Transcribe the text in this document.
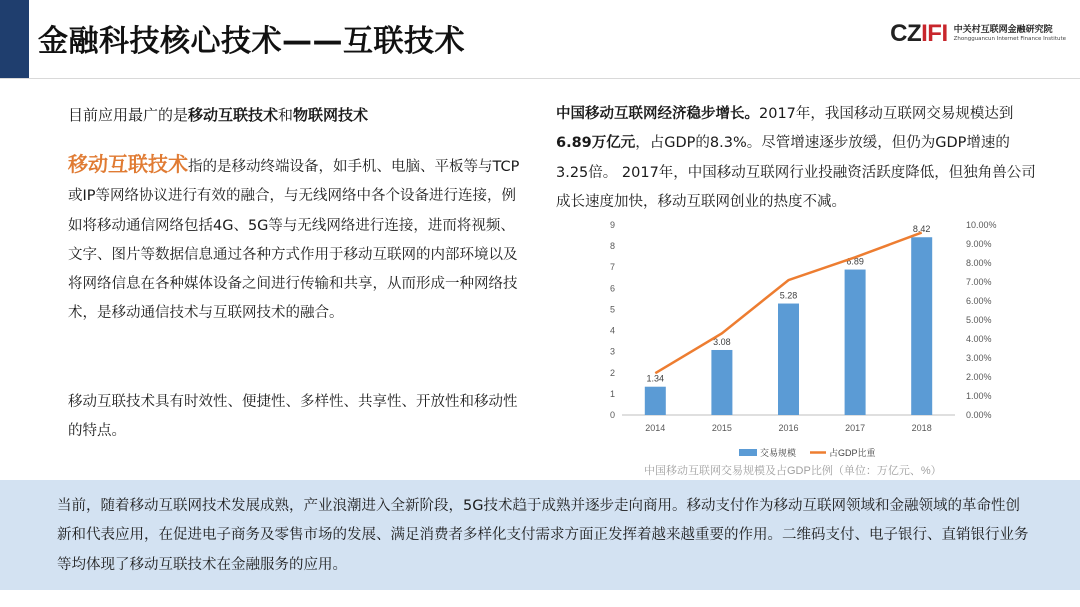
金融科技核心技术——互联技术	CZIFI 中关村互联网金融研究院
Zhongguancun Internet Finance Institute
目前应用最广的是移动互联技术和物联网技术
移动互联技术指的是移动终端设备，如手机、电脑、平板等与TCP或IP等网络协议进行有效的融合，与无线网络中各个设备进行连接，例如将移动通信网络包括4G、5G等与无线网络进行连接，进而将视频、文字、图片等数据信息通过各种方式作用于移动互联网的内部环境以及将网络信息在各种媒体设备之间进行传输和共享，从而形成一种网络技术，是移动通信技术与互联网技术的融合。
移动互联技术具有时效性、便捷性、多样性、共享性、开放性和移动性的特点。
中国移动互联网经济稳步增长。2017年，我国移动互联网交易规模达到6.89万亿元，占GDP的8.3%。尽管增速逐步放缓，但仍为GDP增速的3.25倍。 2017年，中国移动互联网行业投融资活跃度降低，但独角兽公司成长速度加快，移动互联网创业的热度不减。
0
1
2
3
4
5
6
7
8
9
0.00%
1.00%
2.00%
3.00%
4.00%
5.00%
6.00%
7.00%
8.00%
9.00%
10.00%
1.34
3.08
5.28
6.89
8.42
2014	2015	2016	2017	2018
交易规模	占GDP比重
中国移动互联网交易规模及占GDP比例（单位：万亿元、%）
当前，随着移动互联网技术发展成熟，产业浪潮进入全新阶段，5G技术趋于成熟并逐步走向商用。移动支付作为移动互联网领域和金融领域的革命性创新和代表应用，在促进电子商务及零售市场的发展、满足消费者多样化支付需求方面正发挥着越来越重要的作用。二维码支付、电子银行、直销银行业务等均体现了移动互联技术在金融服务的应用。
